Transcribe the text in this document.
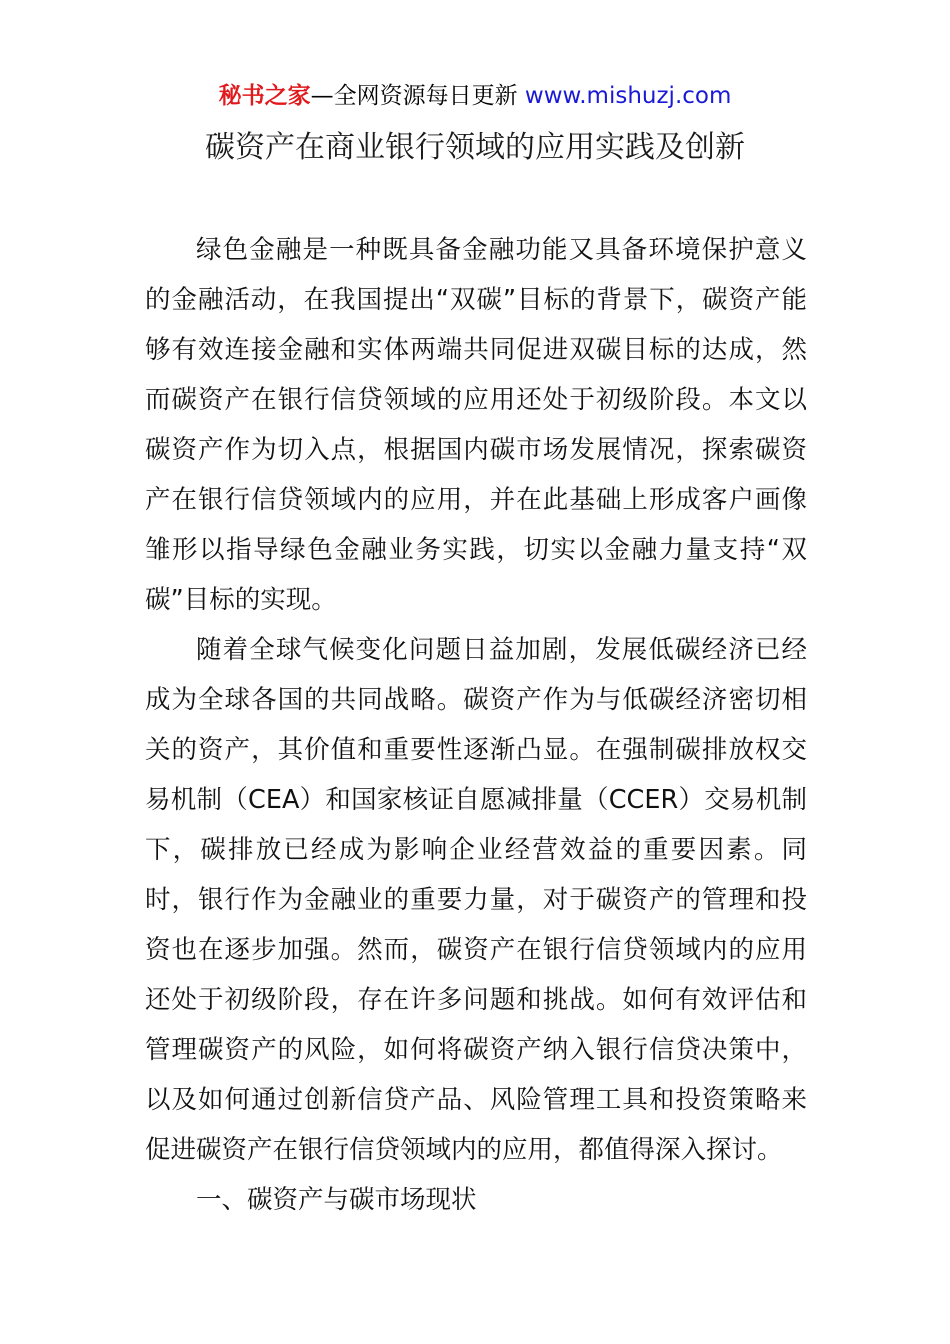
秘书之家—全网资源每日更新 www.mishuzj.com
碳资产在商业银行领域的应用实践及创新

绿色金融是一种既具备金融功能又具备环境保护意义的金融活动，在我国提出“双碳”目标的背景下，碳资产能够有效连接金融和实体两端共同促进双碳目标的达成，然而碳资产在银行信贷领域的应用还处于初级阶段。本文以碳资产作为切入点，根据国内碳市场发展情况，探索碳资产在银行信贷领域内的应用，并在此基础上形成客户画像雏形以指导绿色金融业务实践，切实以金融力量支持“双碳”目标的实现。

随着全球气候变化问题日益加剧，发展低碳经济已经成为全球各国的共同战略。碳资产作为与低碳经济密切相关的资产，其价值和重要性逐渐凸显。在强制碳排放权交易机制（CEA）和国家核证自愿减排量（CCER）交易机制下，碳排放已经成为影响企业经营效益的重要因素。同时，银行作为金融业的重要力量，对于碳资产的管理和投资也在逐步加强。然而，碳资产在银行信贷领域内的应用还处于初级阶段，存在许多问题和挑战。如何有效评估和管理碳资产的风险，如何将碳资产纳入银行信贷决策中，以及如何通过创新信贷产品、风险管理工具和投资策略来促进碳资产在银行信贷领域内的应用，都值得深入探讨。

一、碳资产与碳市场现状
